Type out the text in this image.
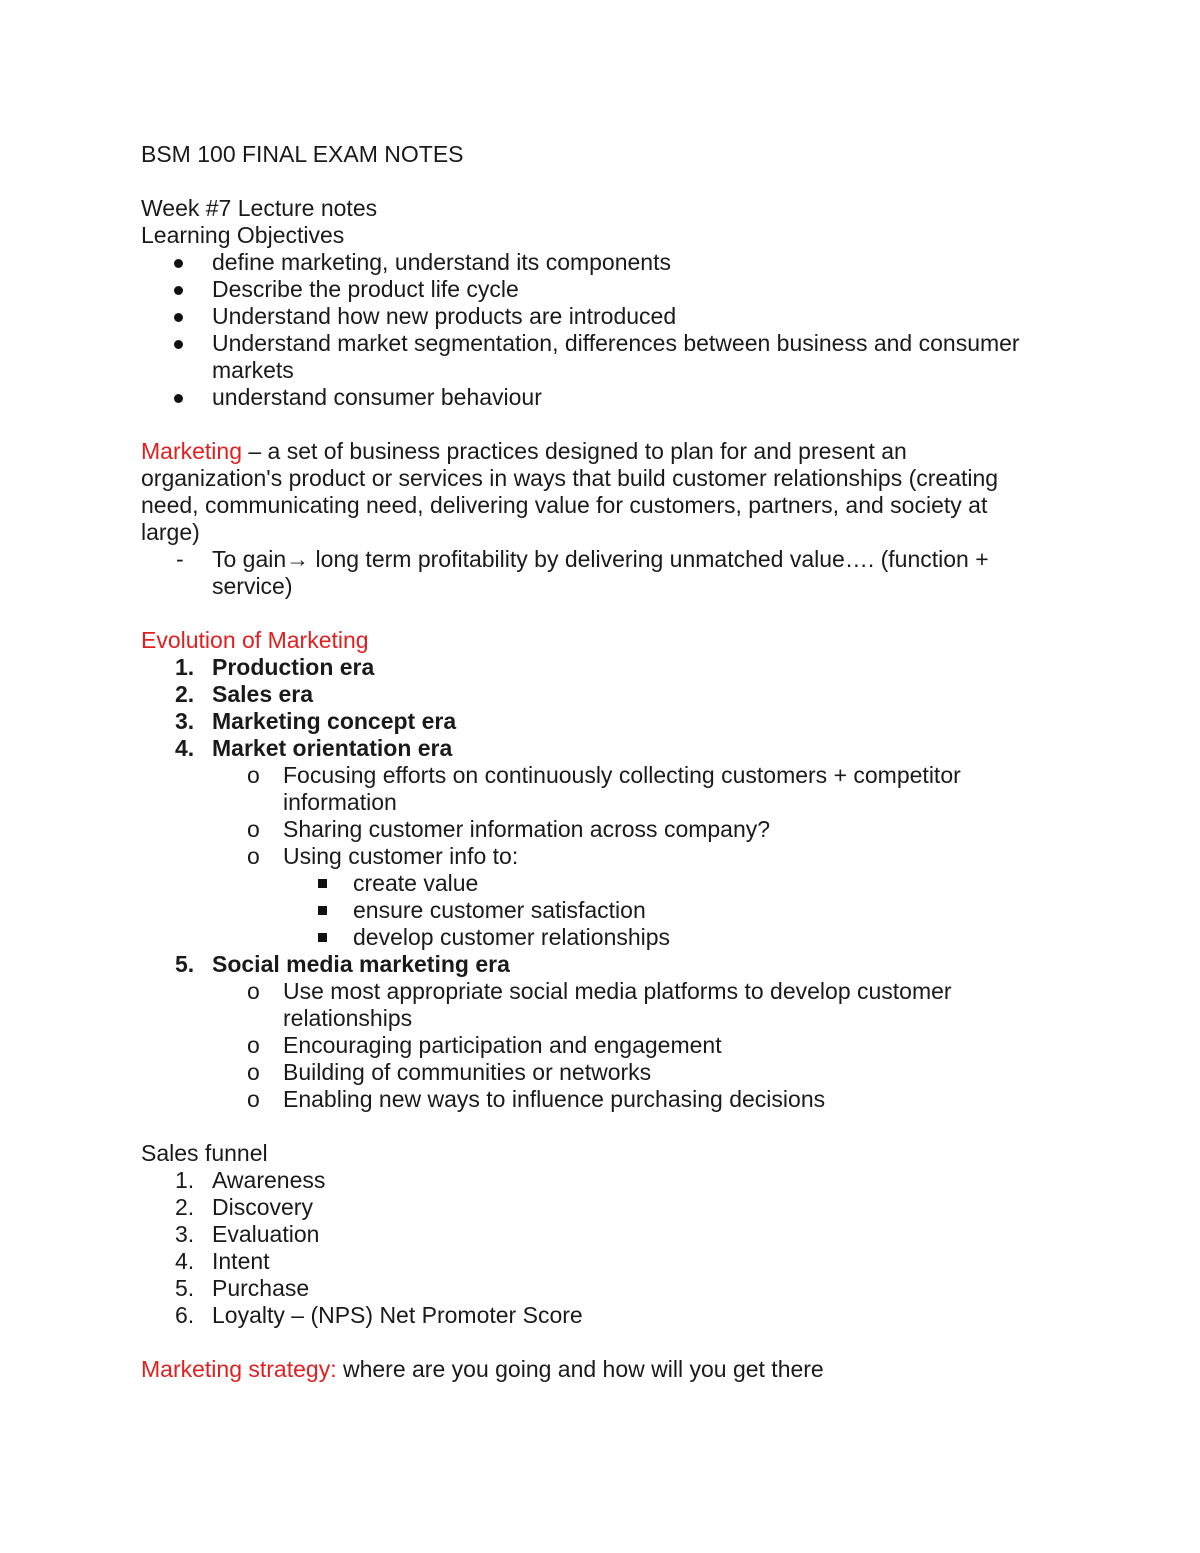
BSM 100 FINAL EXAM NOTES

Week #7 Lecture notes

Learning Objectives

define marketing, understand its components
Describe the product life cycle
Understand how new products are introduced
Understand market segmentation, differences between business and consumer markets
understand consumer behaviour

Marketing – a set of business practices designed to plan for and present an organization's product or services in ways that build customer relationships (creating need, communicating need, delivering value for customers, partners, and society at large)

- To gain→ long term profitability by delivering unmatched value…. (function + service)

Evolution of Marketing

1. Production era
2. Sales era
3. Marketing concept era
4. Market orientation era
o Focusing efforts on continuously collecting customers + competitor information
o Sharing customer information across company?
o Using customer info to:
create value
ensure customer satisfaction
develop customer relationships
5. Social media marketing era
o Use most appropriate social media platforms to develop customer relationships
o Encouraging participation and engagement
o Building of communities or networks
o Enabling new ways to influence purchasing decisions

Sales funnel

1. Awareness
2. Discovery
3. Evaluation
4. Intent
5. Purchase
6. Loyalty – (NPS) Net Promoter Score

Marketing strategy: where are you going and how will you get there
